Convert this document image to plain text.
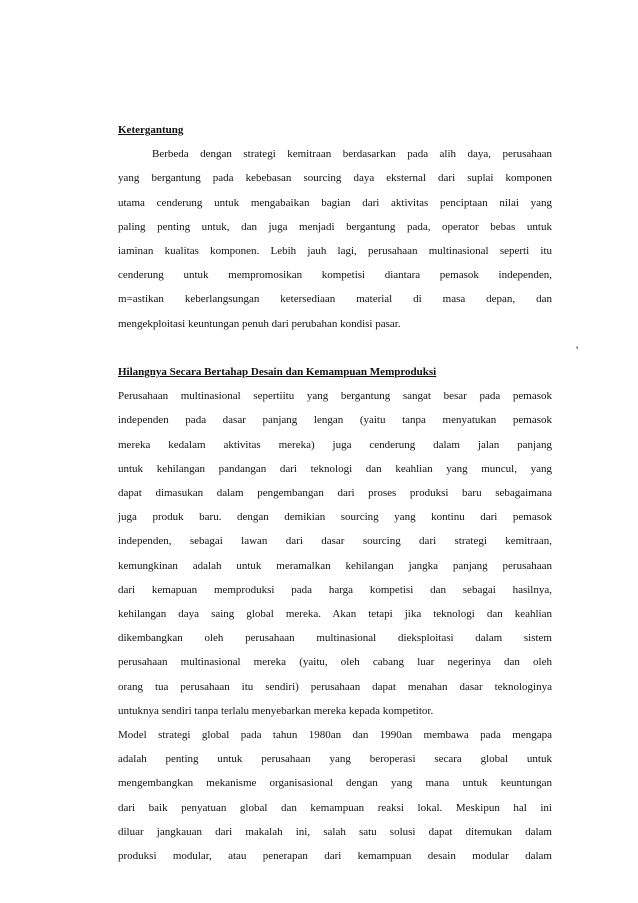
Ketergantung
Berbeda dengan strategi kemitraan berdasarkan pada alih daya, perusahaan
yang bergantung pada kebebasan sourcing daya eksternal dari suplai komponen
utama cenderung untuk mengabaikan bagian dari aktivitas penciptaan nilai yang
paling penting untuk, dan juga menjadi bergantung pada, operator bebas untuk
iaminan kualitas komponen. Lebih jauh lagi, perusahaan multinasional seperti itu
cenderung untuk mempromosikan kompetisi diantara pemasok independen,
m=astikan keberlangsungan ketersediaan material di masa depan, dan
mengekploitasi keuntungan penuh dari perubahan kondisi pasar.
Hilangnya Secara Bertahap Desain dan Kemampuan Memproduksi
Perusahaan multinasional sepertiitu yang bergantung sangat besar pada pemasok
independen pada dasar panjang lengan (yaitu tanpa menyatukan pemasok
mereka kedalam aktivitas mereka) juga cenderung dalam jalan panjang
untuk kehilangan pandangan dari teknologi dan keahlian yang muncul, yang
dapat dimasukan dalam pengembangan dari proses produksi baru sebagaimana
juga produk baru. dengan demikian sourcing yang kontinu dari pemasok
independen, sebagai lawan dari dasar sourcing dari strategi kemitraan,
kemungkinan adalah untuk meramalkan kehilangan jangka panjang perusahaan
dari kemapuan memproduksi pada harga kompetisi dan sebagai hasilnya,
kehilangan daya saing global mereka. Akan tetapi jika teknologi dan keahlian
dikembangkan oleh perusahaan multinasional dieksploitasi dalam sistem
perusahaan multinasional mereka (yaitu, oleh cabang luar negerinya dan oleh
orang tua perusahaan itu sendiri) perusahaan dapat menahan dasar teknologinya
untuknya sendiri tanpa terlalu menyebarkan mereka kepada kompetitor.
Model strategi global pada tahun 1980an dan 1990an membawa pada mengapa
adalah penting untuk perusahaan yang beroperasi secara global untuk
mengembangkan mekanisme organisasional dengan yang mana untuk keuntungan
dari baik penyatuan global dan kemampuan reaksi lokal. Meskipun hal ini
diluar jangkauan dari makalah ini, salah satu solusi dapat ditemukan dalam
produksi modular, atau penerapan dari kemampuan desain modular dalam
'
